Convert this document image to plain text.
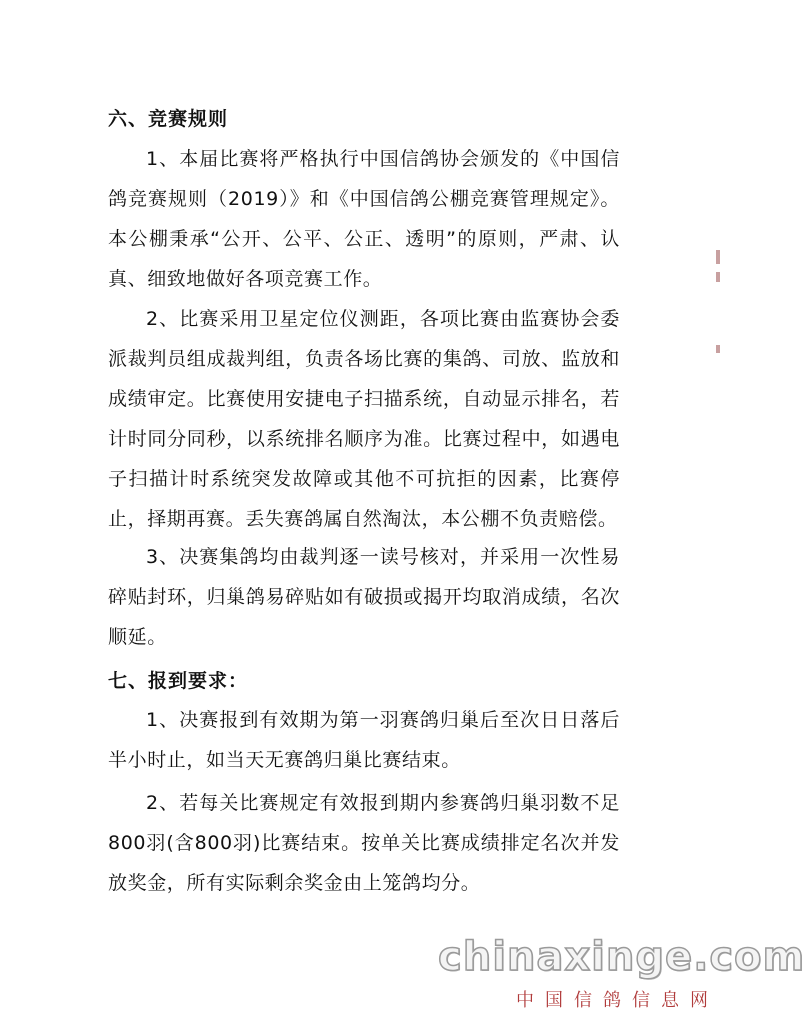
六、竞赛规则
1、本届比赛将严格执行中国信鸽协会颁发的《中国信鸽竞赛规则（2019）》和《中国信鸽公棚竞赛管理规定》。本公棚秉承“公开、公平、公正、透明”的原则，严肃、认真、细致地做好各项竞赛工作。
2、比赛采用卫星定位仪测距，各项比赛由监赛协会委派裁判员组成裁判组，负责各场比赛的集鸽、司放、监放和成绩审定。比赛使用安捷电子扫描系统，自动显示排名，若计时同分同秒，以系统排名顺序为准。比赛过程中，如遇电子扫描计时系统突发故障或其他不可抗拒的因素，比赛停止，择期再赛。丢失赛鸽属自然淘汰，本公棚不负责赔偿。
3、决赛集鸽均由裁判逐一读号核对，并采用一次性易碎贴封环，归巢鸽易碎贴如有破损或揭开均取消成绩，名次顺延。
七、报到要求：
1、决赛报到有效期为第一羽赛鸽归巢后至次日日落后半小时止，如当天无赛鸽归巢比赛结束。
2、若每关比赛规定有效报到期内参赛鸽归巢羽数不足800羽(含800羽)比赛结束。按单关比赛成绩排定名次并发放奖金，所有实际剩余奖金由上笼鸽均分。
chinaxinge.com
中国信鸽信息网
